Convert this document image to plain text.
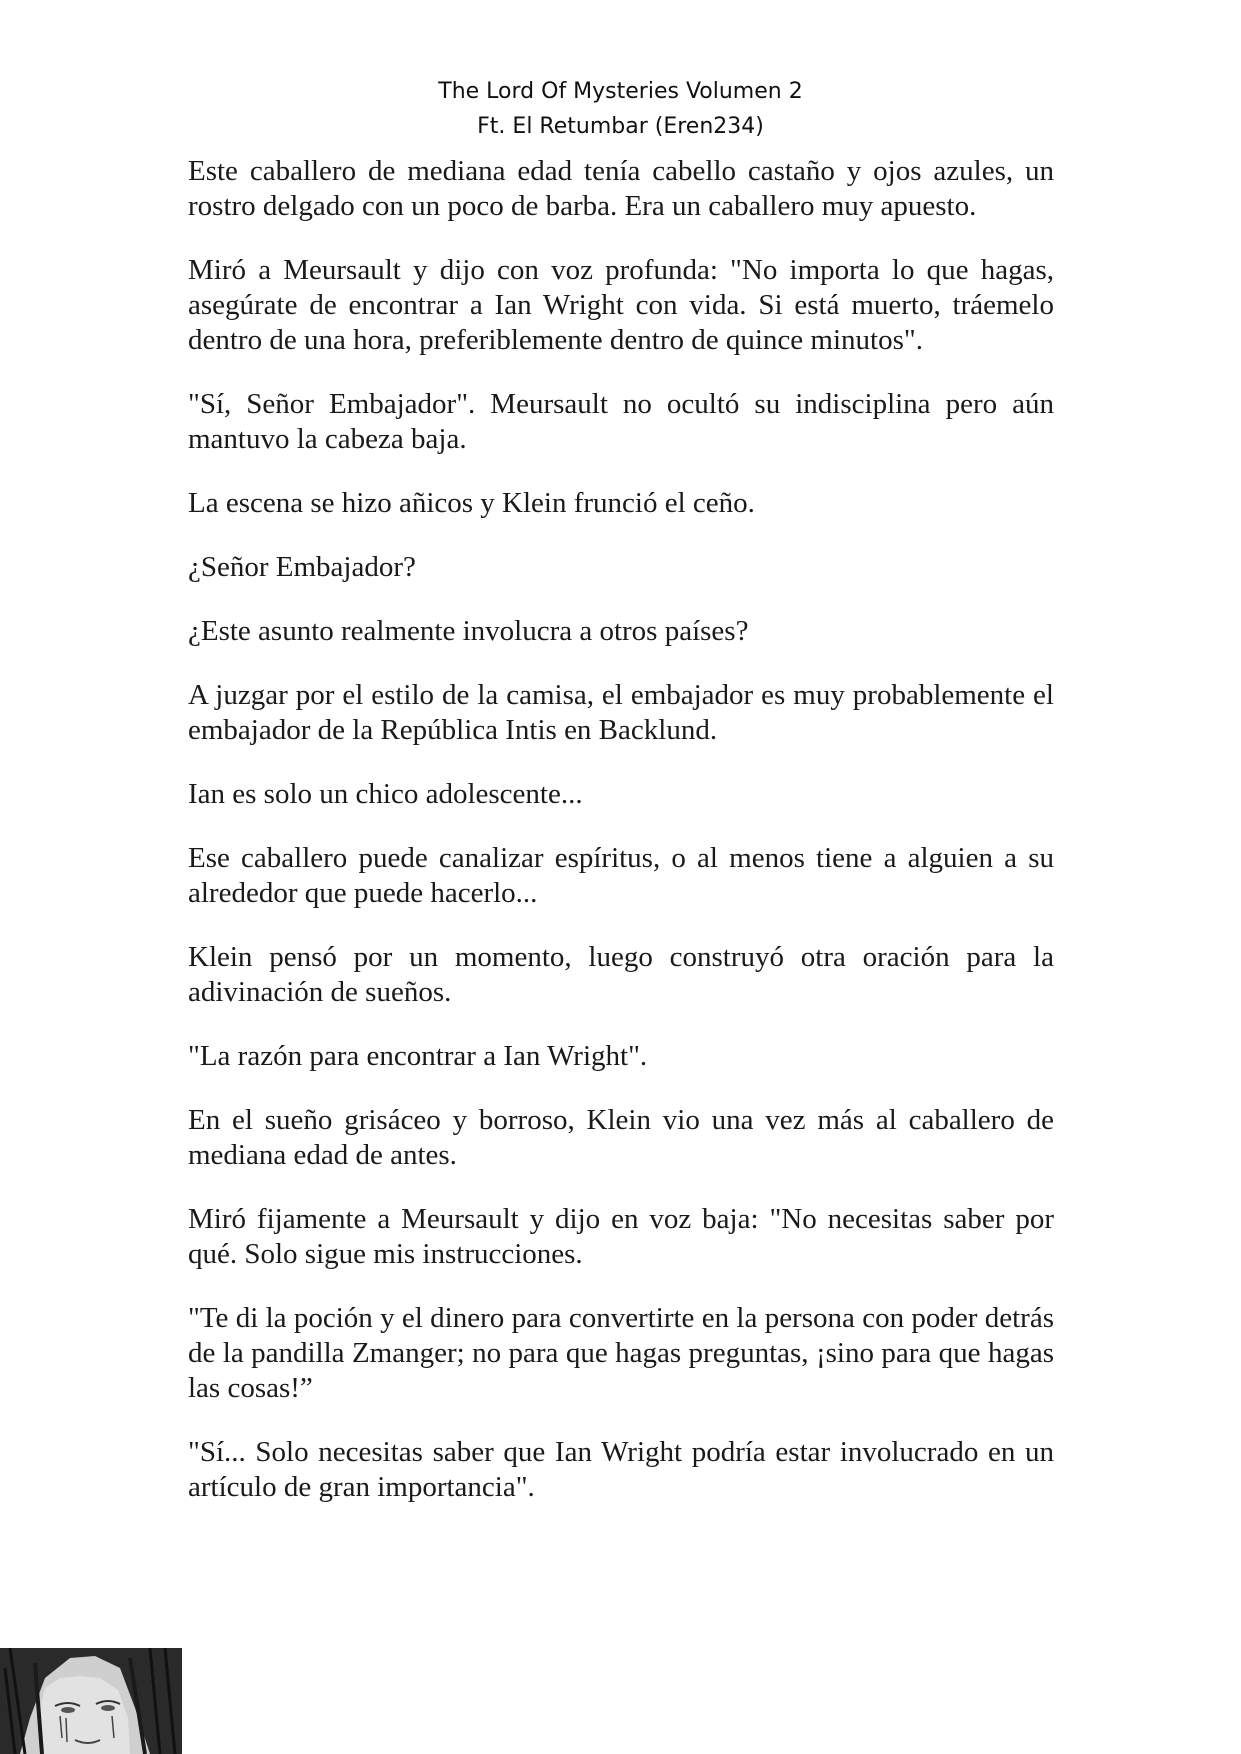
The Lord Of Mysteries Volumen 2
Ft. El Retumbar (Eren234)

Este caballero de mediana edad tenía cabello castaño y ojos azules, un rostro delgado con un poco de barba. Era un caballero muy apuesto.

Miró a Meursault y dijo con voz profunda: "No importa lo que hagas, asegúrate de encontrar a Ian Wright con vida. Si está muerto, tráemelo dentro de una hora, preferiblemente dentro de quince minutos".

"Sí, Señor Embajador". Meursault no ocultó su indisciplina pero aún mantuvo la cabeza baja.

La escena se hizo añicos y Klein frunció el ceño.

¿Señor Embajador?

¿Este asunto realmente involucra a otros países?

A juzgar por el estilo de la camisa, el embajador es muy probablemente el embajador de la República Intis en Backlund.

Ian es solo un chico adolescente...

Ese caballero puede canalizar espíritus, o al menos tiene a alguien a su alrededor que puede hacerlo...

Klein pensó por un momento, luego construyó otra oración para la adivinación de sueños.

"La razón para encontrar a Ian Wright".

En el sueño grisáceo y borroso, Klein vio una vez más al caballero de mediana edad de antes.

Miró fijamente a Meursault y dijo en voz baja: "No necesitas saber por qué. Solo sigue mis instrucciones.

"Te di la poción y el dinero para convertirte en la persona con poder detrás de la pandilla Zmanger; no para que hagas preguntas, ¡sino para que hagas las cosas!”

"Sí... Solo necesitas saber que Ian Wright podría estar involucrado en un artículo de gran importancia".
